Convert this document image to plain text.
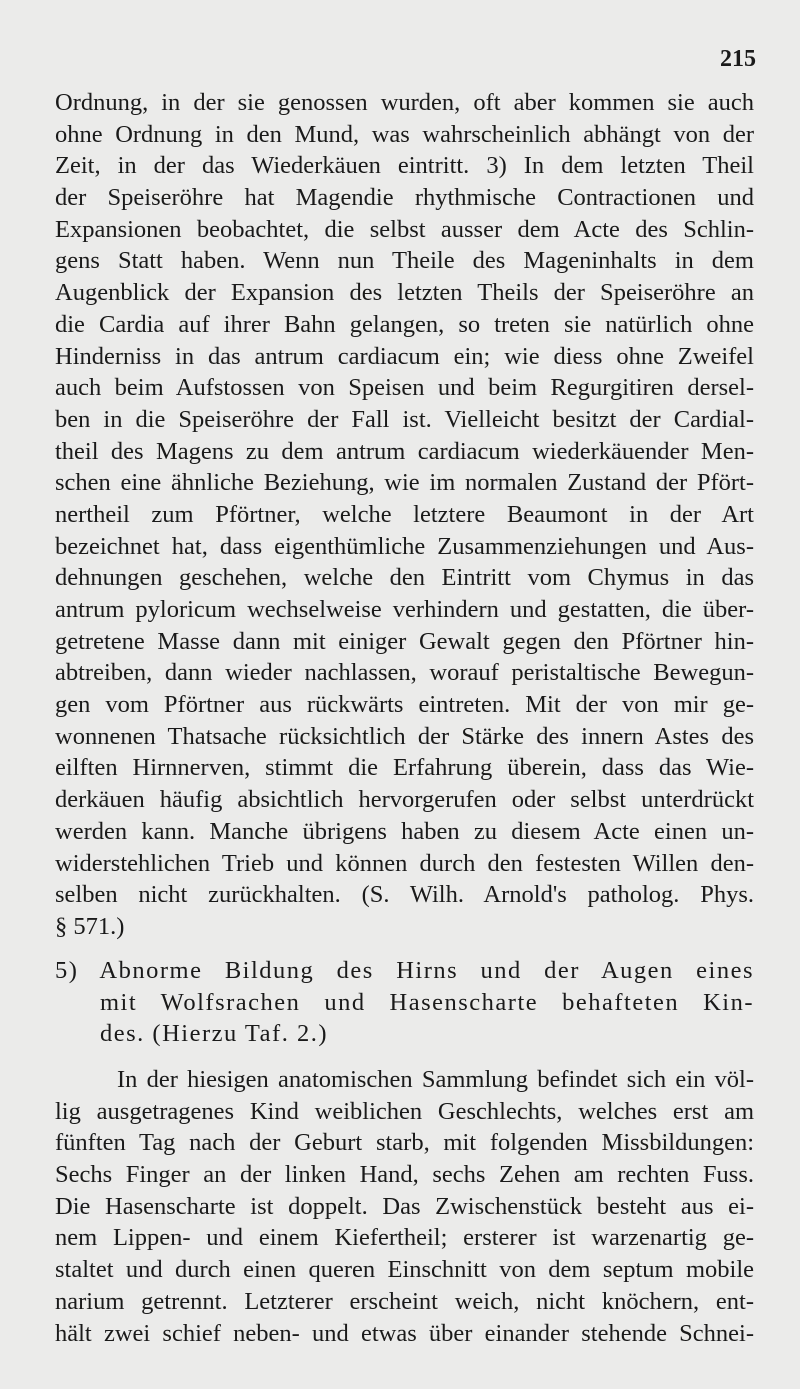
215
Ordnung, in der sie genossen wurden, oft aber kommen sie auch
ohne Ordnung in den Mund, was wahrscheinlich abhängt von der
Zeit, in der das Wiederkäuen eintritt. 3) In dem letzten Theil
der Speiseröhre hat Magendie rhythmische Contractionen und
Expansionen beobachtet, die selbst ausser dem Acte des Schlin-
gens Statt haben. Wenn nun Theile des Mageninhalts in dem
Augenblick der Expansion des letzten Theils der Speiseröhre an
die Cardia auf ihrer Bahn gelangen, so treten sie natürlich ohne
Hinderniss in das antrum cardiacum ein; wie diess ohne Zweifel
auch beim Aufstossen von Speisen und beim Regurgitiren dersel-
ben in die Speiseröhre der Fall ist. Vielleicht besitzt der Cardial-
theil des Magens zu dem antrum cardiacum wiederkäuender Men-
schen eine ähnliche Beziehung, wie im normalen Zustand der Pfört-
nertheil zum Pförtner, welche letztere Beaumont in der Art
bezeichnet hat, dass eigenthümliche Zusammenziehungen und Aus-
dehnungen geschehen, welche den Eintritt vom Chymus in das
antrum pyloricum wechselweise verhindern und gestatten, die über-
getretene Masse dann mit einiger Gewalt gegen den Pförtner hin-
abtreiben, dann wieder nachlassen, worauf peristaltische Bewegun-
gen vom Pförtner aus rückwärts eintreten. Mit der von mir ge-
wonnenen Thatsache rücksichtlich der Stärke des innern Astes des
eilften Hirnnerven, stimmt die Erfahrung überein, dass das Wie-
derkäuen häufig absichtlich hervorgerufen oder selbst unterdrückt
werden kann. Manche übrigens haben zu diesem Acte einen un-
widerstehlichen Trieb und können durch den festesten Willen den-
selben nicht zurückhalten. (S. Wilh. Arnold's patholog. Phys.
§ 571.)
5) Abnorme Bildung des Hirns und der Augen eines
mit Wolfsrachen und Hasenscharte behafteten Kin-
des. (Hierzu Taf. 2.)
In der hiesigen anatomischen Sammlung befindet sich ein völ-
lig ausgetragenes Kind weiblichen Geschlechts, welches erst am
fünften Tag nach der Geburt starb, mit folgenden Missbildungen:
Sechs Finger an der linken Hand, sechs Zehen am rechten Fuss.
Die Hasenscharte ist doppelt. Das Zwischenstück besteht aus ei-
nem Lippen- und einem Kiefertheil; ersterer ist warzenartig ge-
staltet und durch einen queren Einschnitt von dem septum mobile
narium getrennt. Letzterer erscheint weich, nicht knöchern, ent-
hält zwei schief neben- und etwas über einander stehende Schnei-
